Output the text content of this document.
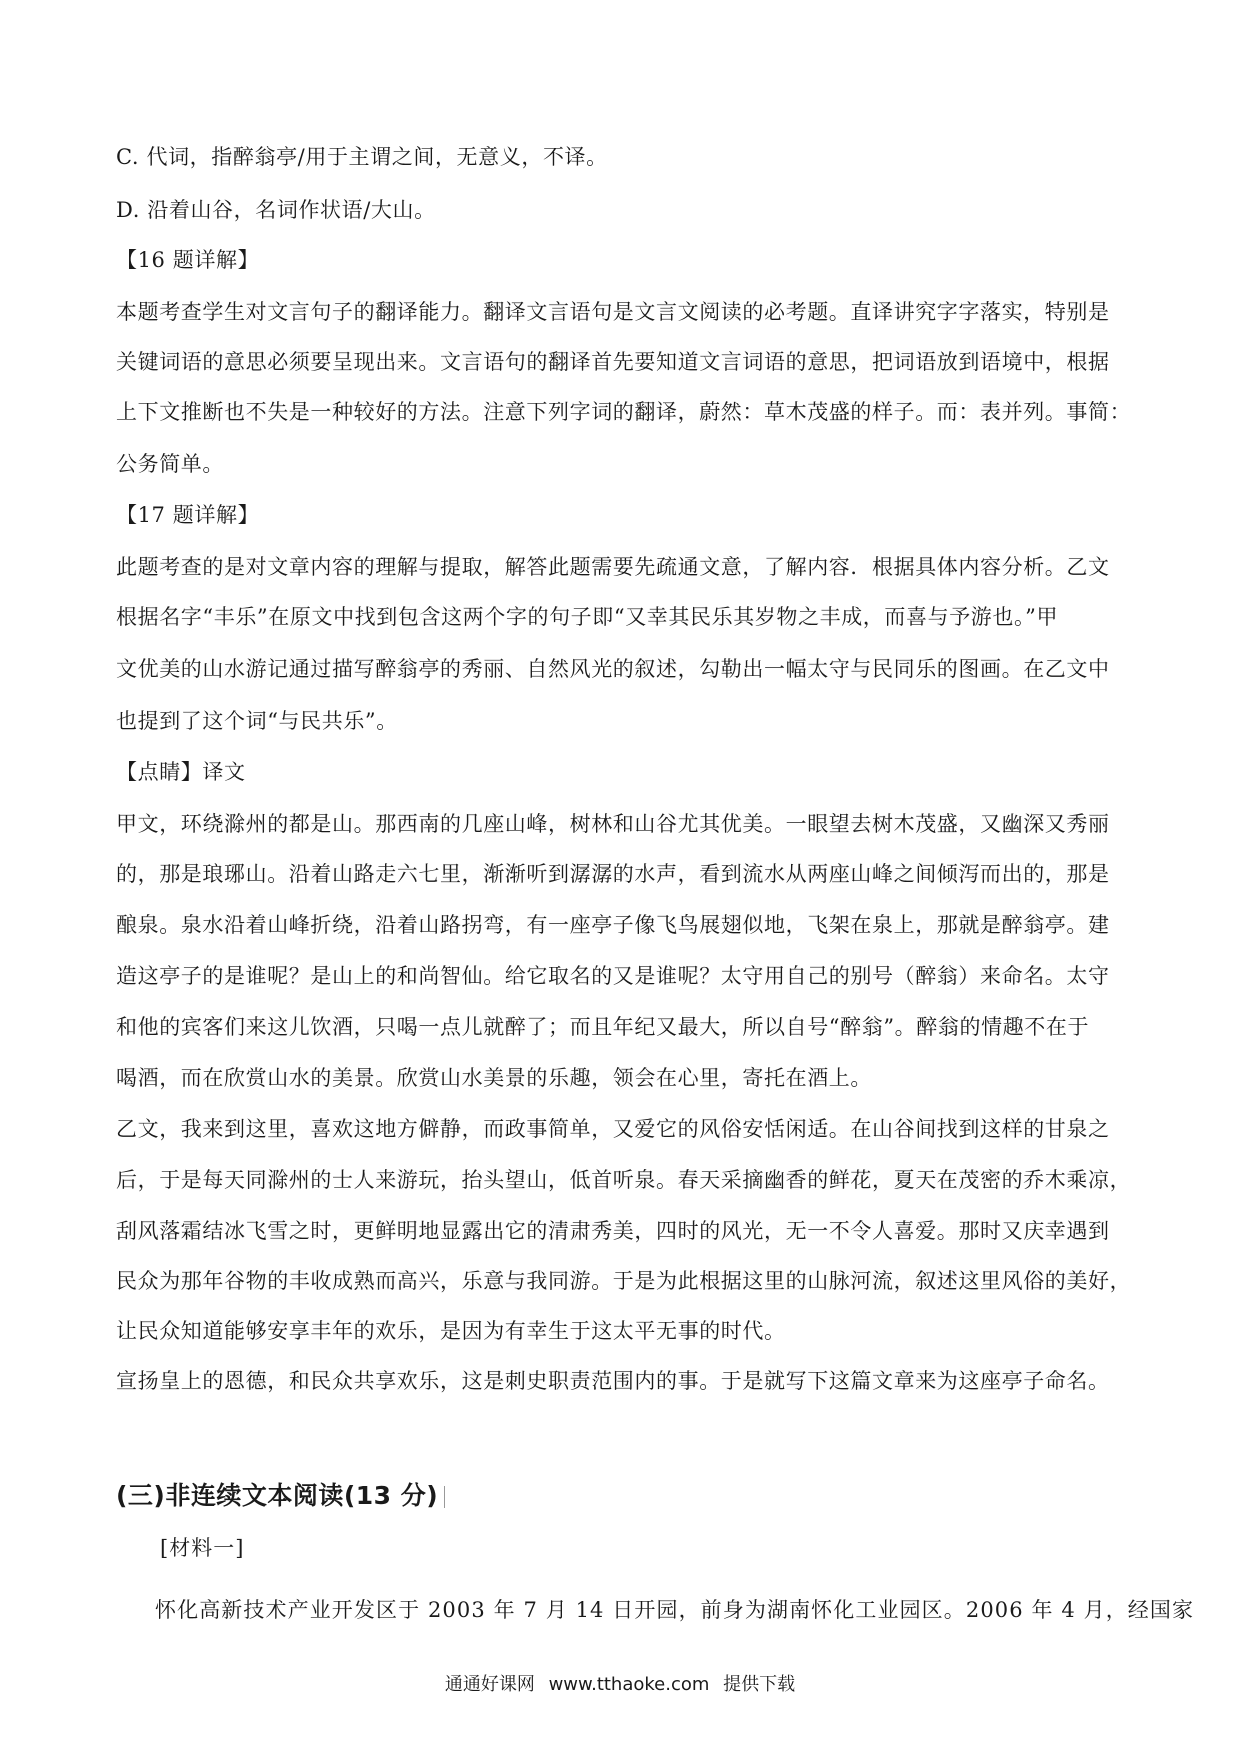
C. 代词，指醉翁亭/用于主谓之间，无意义，不译。
D. 沿着山谷，名词作状语/大山。
【16 题详解】
本题考查学生对文言句子的翻译能力。翻译文言语句是文言文阅读的必考题。直译讲究字字落实，特别是
关键词语的意思必须要呈现出来。文言语句的翻译首先要知道文言词语的意思，把词语放到语境中，根据
上下文推断也不失是一种较好的方法。注意下列字词的翻译，蔚然：草木茂盛的样子。而：表并列。事简：
公务简单。
【17 题详解】
此题考查的是对文章内容的理解与提取，解答此题需要先疏通文意，了解内容．根据具体内容分析。乙文
根据名字“丰乐”在原文中找到包含这两个字的句子即“又幸其民乐其岁物之丰成，而喜与予游也。”甲
文优美的山水游记通过描写醉翁亭的秀丽、自然风光的叙述，勾勒出一幅太守与民同乐的图画。在乙文中
也提到了这个词“与民共乐”。
【点睛】译文
甲文，环绕滁州的都是山。那西南的几座山峰，树林和山谷尤其优美。一眼望去树木茂盛，又幽深又秀丽
的，那是琅琊山。沿着山路走六七里，渐渐听到潺潺的水声，看到流水从两座山峰之间倾泻而出的，那是
酿泉。泉水沿着山峰折绕，沿着山路拐弯，有一座亭子像飞鸟展翅似地，飞架在泉上，那就是醉翁亭。建
造这亭子的是谁呢？是山上的和尚智仙。给它取名的又是谁呢？太守用自己的别号（醉翁）来命名。太守
和他的宾客们来这儿饮酒，只喝一点儿就醉了；而且年纪又最大，所以自号“醉翁”。醉翁的情趣不在于
喝酒，而在欣赏山水的美景。欣赏山水美景的乐趣，领会在心里，寄托在酒上。
乙文，我来到这里，喜欢这地方僻静，而政事简单，又爱它的风俗安恬闲适。在山谷间找到这样的甘泉之
后，于是每天同滁州的士人来游玩，抬头望山，低首听泉。春天采摘幽香的鲜花，夏天在茂密的乔木乘凉，
刮风落霜结冰飞雪之时，更鲜明地显露出它的清肃秀美，四时的风光，无一不令人喜爱。那时又庆幸遇到
民众为那年谷物的丰收成熟而高兴，乐意与我同游。于是为此根据这里的山脉河流，叙述这里风俗的美好，
让民众知道能够安享丰年的欢乐，是因为有幸生于这太平无事的时代。
宣扬皇上的恩德，和民众共享欢乐，这是刺史职责范围内的事。于是就写下这篇文章来为这座亭子命名。
(三)非连续文本阅读(13 分)
[材料一]
怀化高新技术产业开发区于 2003 年 7 月 14 日开园，前身为湖南怀化工业园区。2006 年 4 月，经国家
通通好课网 www.tthaoke.com 提供下载
